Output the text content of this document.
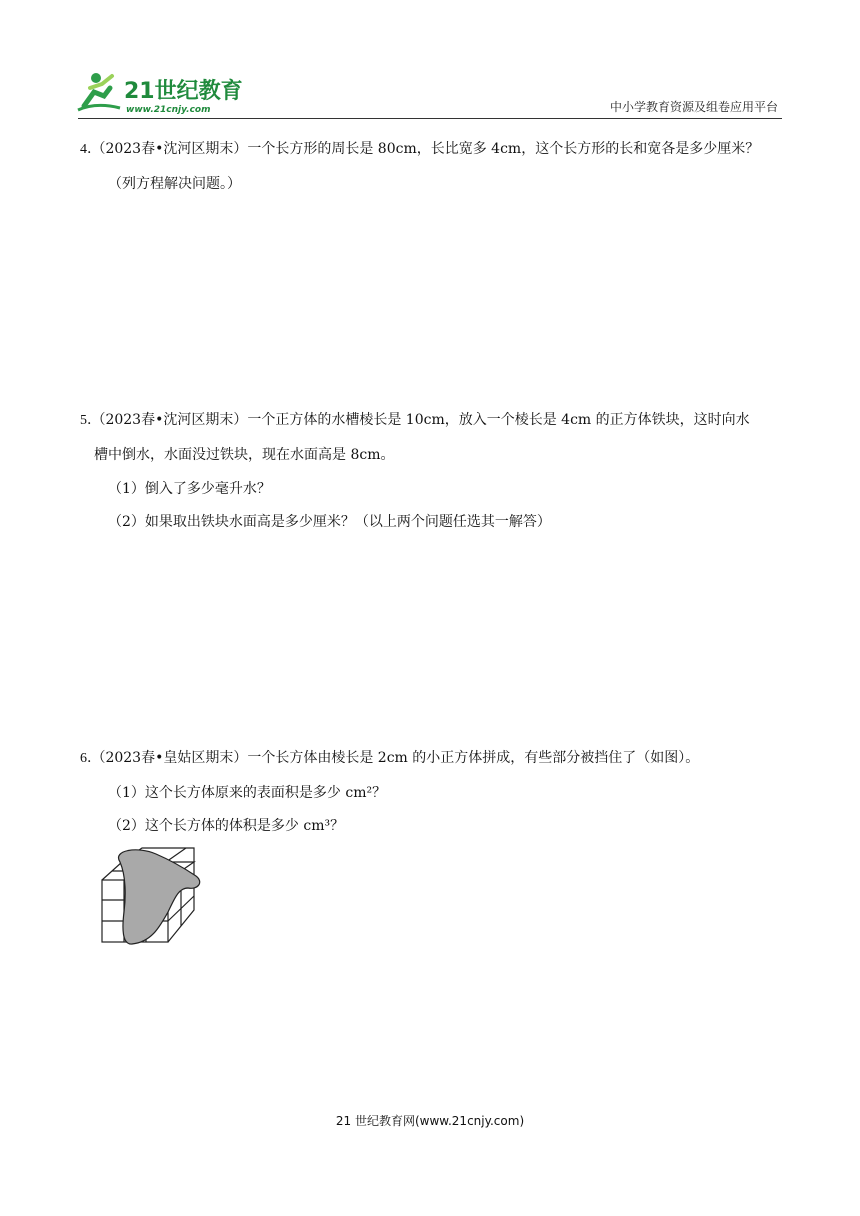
21世纪教育
www.21cnjy.com	中小学教育资源及组卷应用平台
4.（2023春•沈河区期末）一个长方形的周长是 80cm，长比宽多 4cm，这个长方形的长和宽各是多少厘米？
（列方程解决问题。）
5.（2023春•沈河区期末）一个正方体的水槽棱长是 10cm，放入一个棱长是 4cm 的正方体铁块，这时向水
槽中倒水，水面没过铁块，现在水面高是 8cm。
（1）倒入了多少毫升水？
（2）如果取出铁块水面高是多少厘米？（以上两个问题任选其一解答）
6.（2023春•皇姑区期末）一个长方体由棱长是 2cm 的小正方体拼成，有些部分被挡住了（如图）。
（1）这个长方体原来的表面积是多少 cm²？
（2）这个长方体的体积是多少 cm³？
21 世纪教育网(www.21cnjy.com)
